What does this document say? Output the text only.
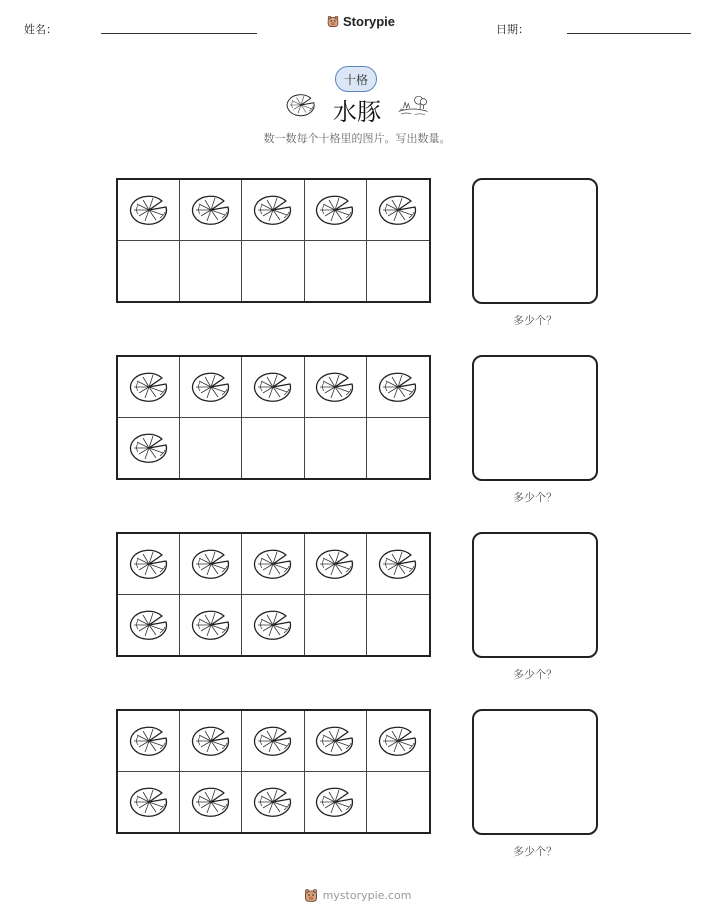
姓名：
Storypie
日期：
十格
水豚
数一数每个十格里的图片。写出数量。
多少个？
多少个？
多少个？
多少个？
mystorypie.com
